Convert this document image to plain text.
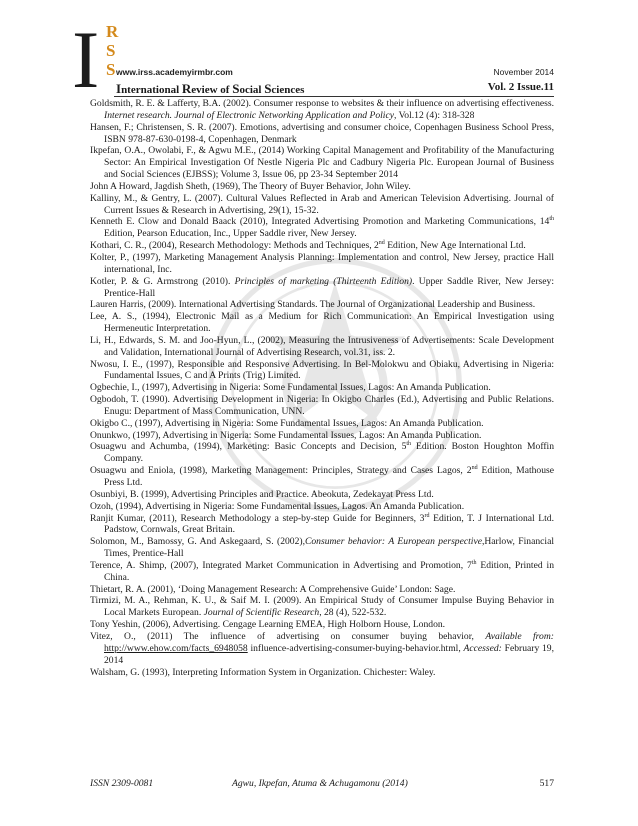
I R
S
S www.irss.academyirmbr.com	November 2014
International Review of Social Sciences	Vol. 2 Issue.11
Goldsmith, R. E. & Lafferty, B.A. (2002). Consumer response to websites & their influence on advertising effectiveness. Internet research. Journal of Electronic Networking Application and Policy, Vol.12 (4): 318-328
Hansen, F.; Christensen, S. R. (2007). Emotions, advertising and consumer choice, Copenhagen Business School Press, ISBN 978-87-630-0198-4, Copenhagen, Denmark
Ikpefan, O.A., Owolabi, F., & Agwu M.E., (2014) Working Capital Management and Profitability of the Manufacturing Sector: An Empirical Investigation Of Nestle Nigeria Plc and Cadbury Nigeria Plc. European Journal of Business and Social Sciences (EJBSS); Volume 3, Issue 06, pp 23-34 September 2014
John A Howard, Jagdish Sheth, (1969), The Theory of Buyer Behavior, John Wiley.
Kalliny, M., & Gentry, L. (2007). Cultural Values Reflected in Arab and American Television Advertising. Journal of Current Issues & Research in Advertising, 29(1), 15-32.
Kenneth E. Clow and Donald Baack (2010), Integrated Advertising Promotion and Marketing Communications, 14th Edition, Pearson Education, Inc., Upper Saddle river, New Jersey.
Kothari, C. R., (2004), Research Methodology: Methods and Techniques, 2nd Edition, New Age International Ltd.
Kolter, P., (1997), Marketing Management Analysis Planning: Implementation and control, New Jersey, practice Hall international, Inc.
Kotler, P. & G. Armstrong (2010). Principles of marketing (Thirteenth Edition). Upper Saddle River, New Jersey: Prentice-Hall
Lauren Harris, (2009). International Advertising Standards. The Journal of Organizational Leadership and Business.
Lee, A. S., (1994), Electronic Mail as a Medium for Rich Communication: An Empirical Investigation using Hermeneutic Interpretation.
Li, H., Edwards, S. M. and Joo-Hyun, L., (2002), Measuring the Intrusiveness of Advertisements: Scale Development and Validation, International Journal of Advertising Research, vol.31, iss. 2.
Nwosu, I. E., (1997), Responsible and Responsive Advertising. In Bel-Molokwu and Obiaku, Advertising in Nigeria: Fundamental Issues, C and A Prints (Trig) Limited.
Ogbechie, I., (1997), Advertising in Nigeria: Some Fundamental Issues, Lagos: An Amanda Publication.
Ogbodoh, T. (1990). Advertising Development in Nigeria: In Okigbo Charles (Ed.), Advertising and Public Relations. Enugu: Department of Mass Communication, UNN.
Okigbo C., (1997), Advertising in Nigeria: Some Fundamental Issues, Lagos: An Amanda Publication.
Onunkwo, (1997), Advertising in Nigeria: Some Fundamental Issues, Lagos: An Amanda Publication.
Osuagwu and Achumba, (1994), Marketing: Basic Concepts and Decision, 5th Edition. Boston Houghton Moffin Company.
Osuagwu and Eniola, (1998), Marketing Management: Principles, Strategy and Cases Lagos, 2nd Edition, Mathouse Press Ltd.
Osunbiyi, B. (1999), Advertising Principles and Practice. Abeokuta, Zedekayat Press Ltd.
Ozoh, (1994), Advertising in Nigeria: Some Fundamental Issues, Lagos. An Amanda Publication.
Ranjit Kumar, (2011), Research Methodology a step-by-step Guide for Beginners, 3rd Edition, T. J International Ltd. Padstow, Cornwals, Great Britain.
Solomon, M., Bamossy, G. And Askegaard, S. (2002),Consumer behavior: A European perspective,Harlow, Financial Times, Prentice-Hall
Terence, A. Shimp, (2007), Integrated Market Communication in Advertising and Promotion, 7th Edition, Printed in China.
Thietart, R. A. (2001), ‘Doing Management Research: A Comprehensive Guide’ London: Sage.
Tirmizi, M. A., Rehman, K. U., & Saif M. I. (2009). An Empirical Study of Consumer Impulse Buying Behavior in Local Markets European. Journal of Scientific Research, 28 (4), 522-532.
Tony Yeshin, (2006), Advertising. Cengage Learning EMEA, High Holborn House, London.
Vitez, O., (2011) The influence of advertising on consumer buying behavior, Available from: http://www.ehow.com/facts_6948058 influence-advertising-consumer-buying-behavior.html, Accessed: February 19, 2014
Walsham, G. (1993), Interpreting Information System in Organization. Chichester: Waley.
ISSN 2309-0081	Agwu, Ikpefan, Atuma & Achugamonu (2014)	517
